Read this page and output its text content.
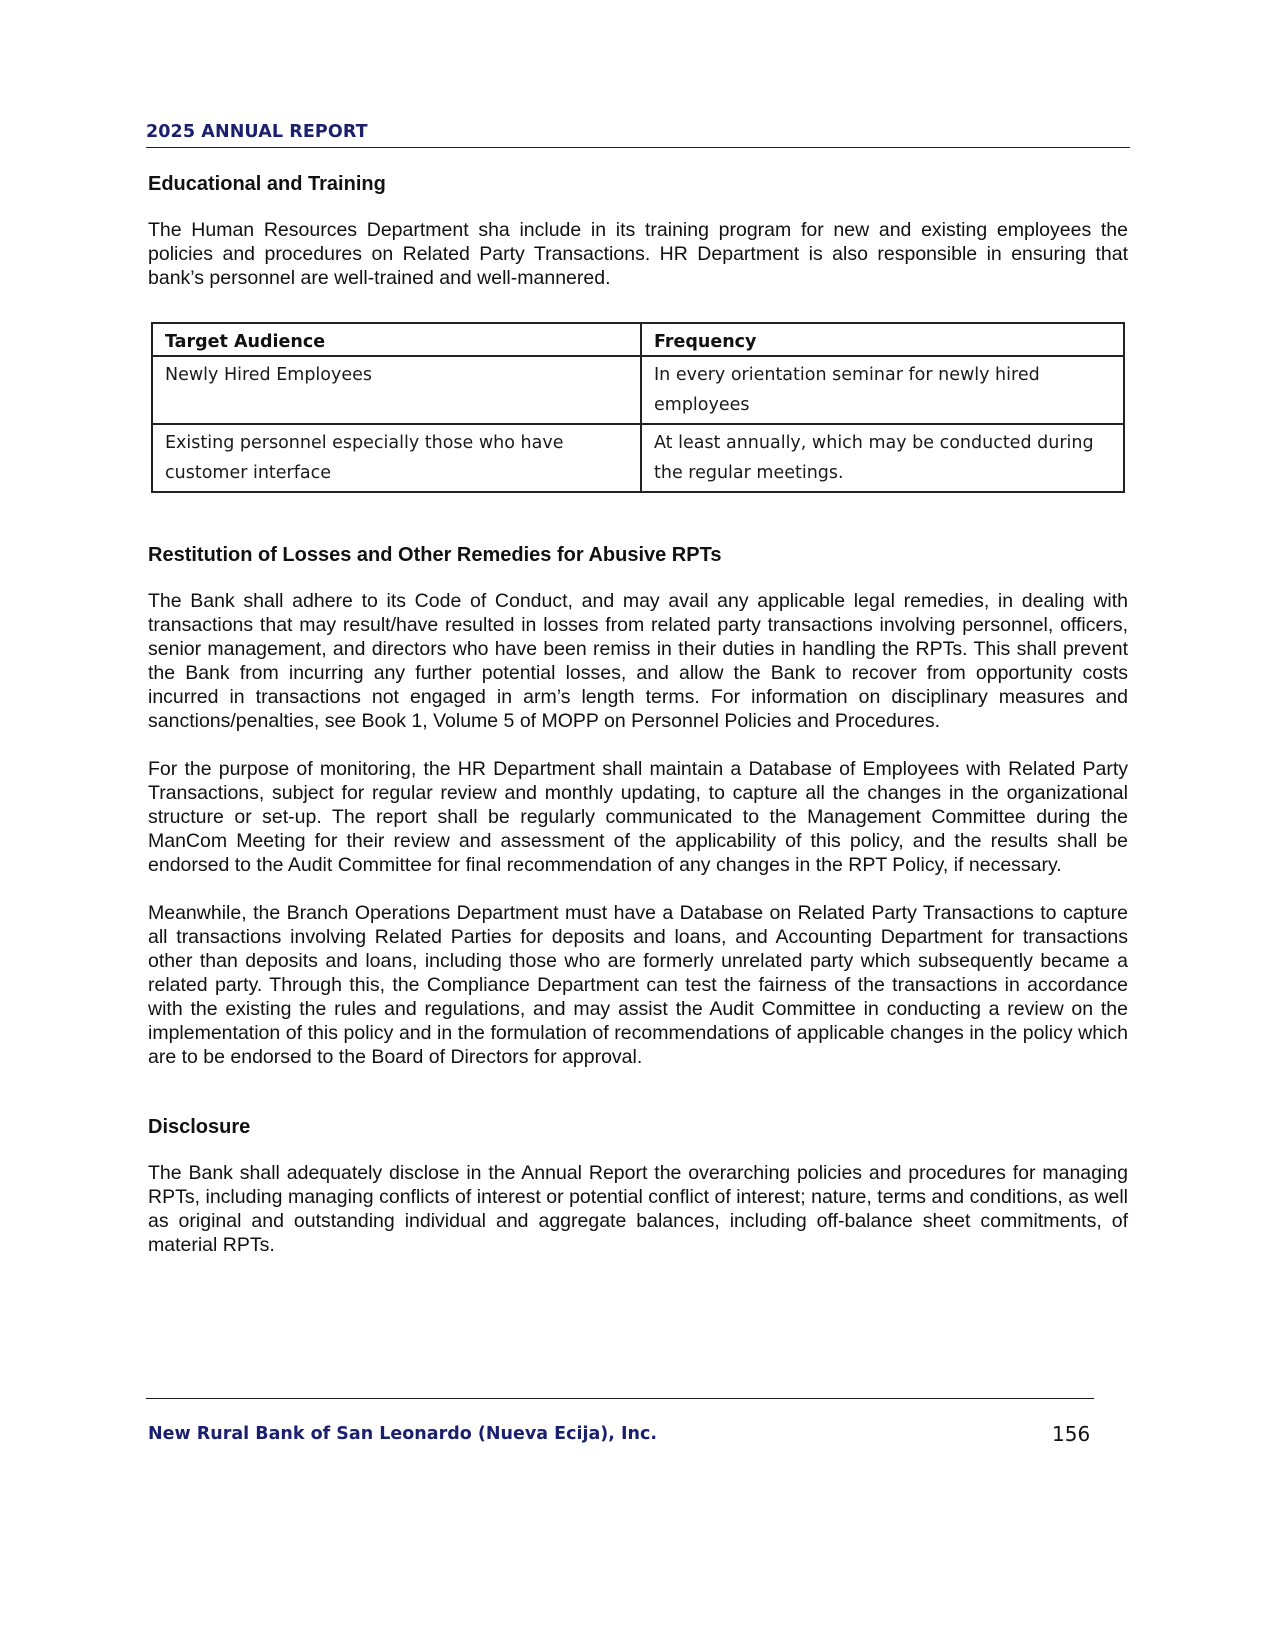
2025 ANNUAL REPORT
Educational and Training

The Human Resources Department sha include in its training program for new and existing employees the policies and procedures on Related Party Transactions. HR Department is also responsible in ensuring that bank’s personnel are well-trained and well-mannered.

Target Audience	Frequency
Newly Hired Employees	In every orientation seminar for newly hired employees
Existing personnel especially those who have customer interface	At least annually, which may be conducted during the regular meetings.
Restitution of Losses and Other Remedies for Abusive RPTs

The Bank shall adhere to its Code of Conduct, and may avail any applicable legal remedies, in dealing with transactions that may result/have resulted in losses from related party transactions involving personnel, officers, senior management, and directors who have been remiss in their duties in handling the RPTs. This shall prevent the Bank from incurring any further potential losses, and allow the Bank to recover from opportunity costs incurred in transactions not engaged in arm’s length terms. For information on disciplinary measures and sanctions/penalties, see Book 1, Volume 5 of MOPP on Personnel Policies and Procedures.

For the purpose of monitoring, the HR Department shall maintain a Database of Employees with Related Party Transactions, subject for regular review and monthly updating, to capture all the changes in the organizational structure or set-up. The report shall be regularly communicated to the Management Committee during the ManCom Meeting for their review and assessment of the applicability of this policy, and the results shall be endorsed to the Audit Committee for final recommendation of any changes in the RPT Policy, if necessary.

Meanwhile, the Branch Operations Department must have a Database on Related Party Transactions to capture all transactions involving Related Parties for deposits and loans, and Accounting Department for transactions other than deposits and loans, including those who are formerly unrelated party which subsequently became a related party. Through this, the Compliance Department can test the fairness of the transactions in accordance with the existing the rules and regulations, and may assist the Audit Committee in conducting a review on the implementation of this policy and in the formulation of recommendations of applicable changes in the policy which are to be endorsed to the Board of Directors for approval.

Disclosure

The Bank shall adequately disclose in the Annual Report the overarching policies and procedures for managing RPTs, including managing conflicts of interest or potential conflict of interest; nature, terms and conditions, as well as original and outstanding individual and aggregate balances, including off-balance sheet commitments, of material RPTs.

New Rural Bank of San Leonardo (Nueva Ecija), Inc.	156
